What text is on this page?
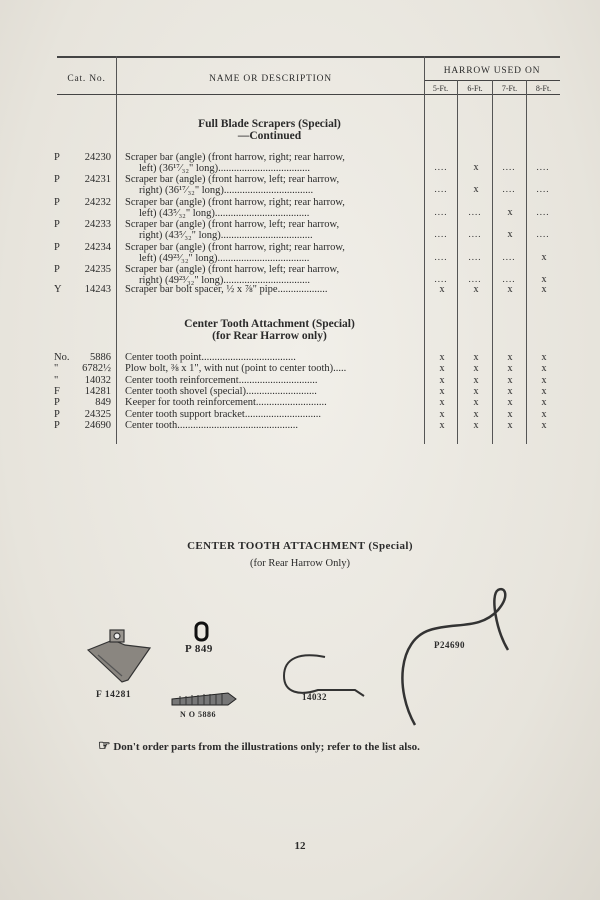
Cat. No.	NAME OR DESCRIPTION
HARROW USED ON
5-Ft.	6-Ft.	7-Ft.	8-Ft.
Full Blade Scrapers (Special)
—Continued
P	24230 Scraper bar (angle) (front harrow, right; rear harrow,
left) (36¹⁷⁄₃₂" long)...................................	....	x	....	....
P	24231 Scraper bar (angle) (front harrow, left; rear harrow,
right) (36¹⁷⁄₃₂" long)..................................	....	x	....	....
P	24232 Scraper bar (angle) (front harrow, right; rear harrow,
left) (43⁵⁄₃₂" long)....................................	....	....	x	....
P	24233 Scraper bar (angle) (front harrow, left; rear harrow,
right) (43⁵⁄₃₂" long)...................................	....	....	x	....
P	24234 Scraper bar (angle) (front harrow, right; rear harrow,
left) (49²³⁄₃₂" long)...................................	....	....	....	x
P	24235 Scraper bar (angle) (front harrow, left; rear harrow,
right) (49²³⁄₃₂" long).................................	....	....	....	x
Y	14243 Scraper bar bolt spacer, ½ x ⅞" pipe...................	x	x	x	x
Center Tooth Attachment (Special)
(for Rear Harrow only)
No.	5886 Center tooth point....................................	x	x	x	x
"	6782½ Plow bolt, ⅜ x 1", with nut (point to center tooth).....	x	x	x	x
"	14032 Center tooth reinforcement..............................	x	x	x	x
F	14281 Center tooth shovel (special)...........................	x	x	x	x
P	849 Keeper for tooth reinforcement...........................	x	x	x	x
P	24325 Center tooth support bracket.............................	x	x	x	x
P	24690 Center tooth..............................................	x	x	x	x
CENTER TOOTH ATTACHMENT (Special)
(for Rear Harrow Only)
P 849
F 14281
N O 5886
14032
P24690
☞ Don't order parts from the illustrations only; refer to the list also.
12
